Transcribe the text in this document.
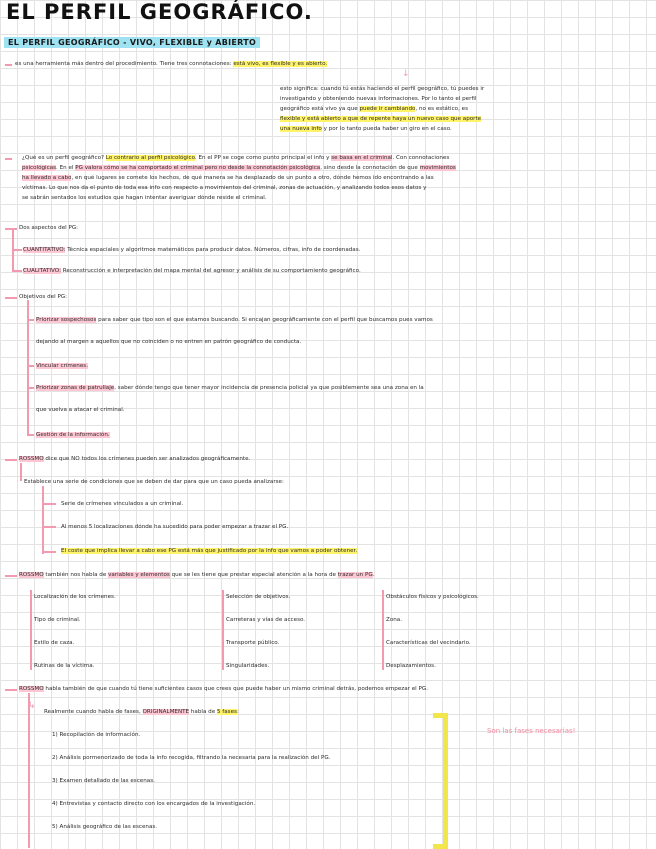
EL PERFIL GEOGRÁFICO.
EL PERFIL GEOGRÁFICO - VIVO, FLEXIBLE y ABIERTO
es una herramienta más dentro del procedimiento. Tiene tres connotaciones: está vivo, es flexible y es abierto.
↓
esto significa: cuando tú estás haciendo el perfil geográfico, tú puedes ir
investigando y obteniendo nuevas informaciones. Por lo tanto el perfil
geográfico está vivo ya que puede ir cambiando, no es estático, es
flexible y está abierto a que de repente haya un nuevo caso que aporte
una nueva info y por lo tanto pueda haber un giro en el caso.
¿Qué es un perfil geográfico? Lo contrario al perfil psicológico. En el PP se coge como punto principal el info y se basa en el criminal. Con connotaciones
psicológicas. En el PG valora cómo se ha comportado el criminal pero no desde la connotación psicológica, sino desde la connotación de que movimientos
ha llevado a cabo, en qué lugares se comete los hechos, de qué manera se ha desplazado de un punto a otro, dónde hemos ido encontrando a las
víctimas. Lo que nos da el punto de toda esa info con respecto a movimientos del criminal, zonas de actuación, y analizando todos esos datos y
se sabrán sentados los estudios que hagan intentar averiguar dónde reside el criminal.
Dos aspectos del PG:
CUANTITATIVO: Técnica espaciales y algoritmos matemáticos para producir datos. Números, cifras, info de coordenadas.
CUALITATIVO: Reconstrucción e interpretación del mapa mental del agresor y análisis de su comportamiento geográfico.
Objetivos del PG:
Priorizar sospechosos para saber que tipo son el que estamos buscando. Si encajan geográficamente con el perfil que buscamos pues vamos
dejando al margen a aquellos que no coinciden o no entren en patrón geográfico de conducta.
Vincular crímenes.
Priorizar zonas de patrullaje, saber dónde tengo que tener mayor incidencia de presencia policial ya que posiblemente sea una zona en la
que vuelva a atacar el criminal.
Gestión de la información.
ROSSMO dice que NO todos los crímenes pueden ser analizados geográficamente.
Establece una serie de condiciones que se deben de dar para que un caso pueda analizarse:
Serie de crímenes vinculados a un criminal.
Al menos 5 localizaciones dónde ha sucedido para poder empezar a trazar el PG.
El coste que implica llevar a cabo ese PG está más que justificado por la info que vamos a poder obtener.
ROSSMO también nos habla de variables y elementos que se les tiene que prestar especial atención a la hora de trazar un PG.
Localización de los crímenes.	Selección de objetivos.	Obstáculos físicos y psicológicos.
Tipo de criminal.	Carreteras y vías de acceso.	Zona.
Estilo de caza.	Transporte público.	Características del vecindario.
Rutinas de la víctima.	Singularidades.	Desplazamientos.
ROSSMO habla también de que cuando tú tiene suficientes casos que crees que puede haber un mismo criminal detrás, podemos empezar el PG.
↳
Realmente cuando habla de fases, ORIGINALMENTE habla de 5 fases:
1) Recopilación de información.
2) Análisis pormenorizado de toda la info recogida, filtrando la necesaria para la realización del PG.
3) Examen detallado de las escenas.
4) Entrevistas y contacto directo con los encargados de la investigación.
5) Análisis geográfico de las escenas.
Son las fases necesarias!
